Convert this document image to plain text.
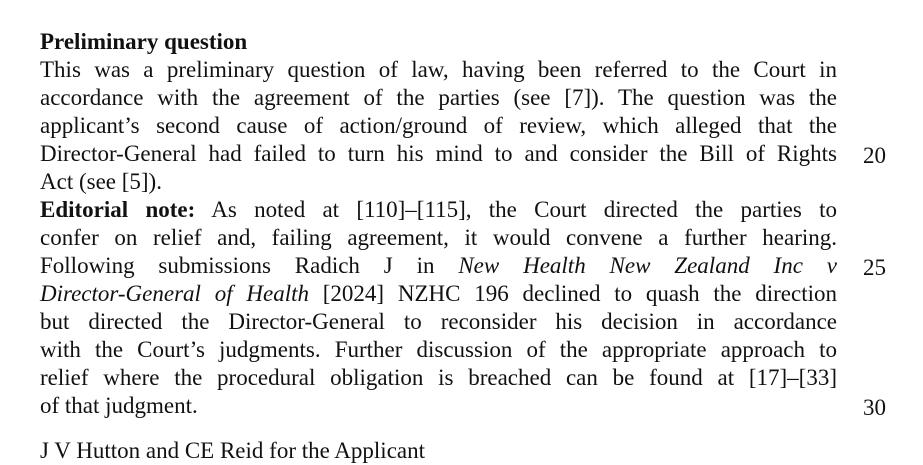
Preliminary question
This was a preliminary question of law, having been referred to the Court in
accordance with the agreement of the parties (see [7]). The question was the
applicant’s second cause of action/ground of review, which alleged that the
Director-General had failed to turn his mind to and consider the Bill of Rights
Act (see [5]).
Editorial note: As noted at [110]–[115], the Court directed the parties to
confer on relief and, failing agreement, it would convene a further hearing.
Following submissions Radich J in New Health New Zealand Inc v
Director-General of Health [2024] NZHC 196 declined to quash the direction
but directed the Director-General to reconsider his decision in accordance
with the Court’s judgments. Further discussion of the appropriate approach to
relief where the procedural obligation is breached can be found at [17]–[33]
of that judgment.
20
25
30
J V Hutton and CE Reid for the Applicant
